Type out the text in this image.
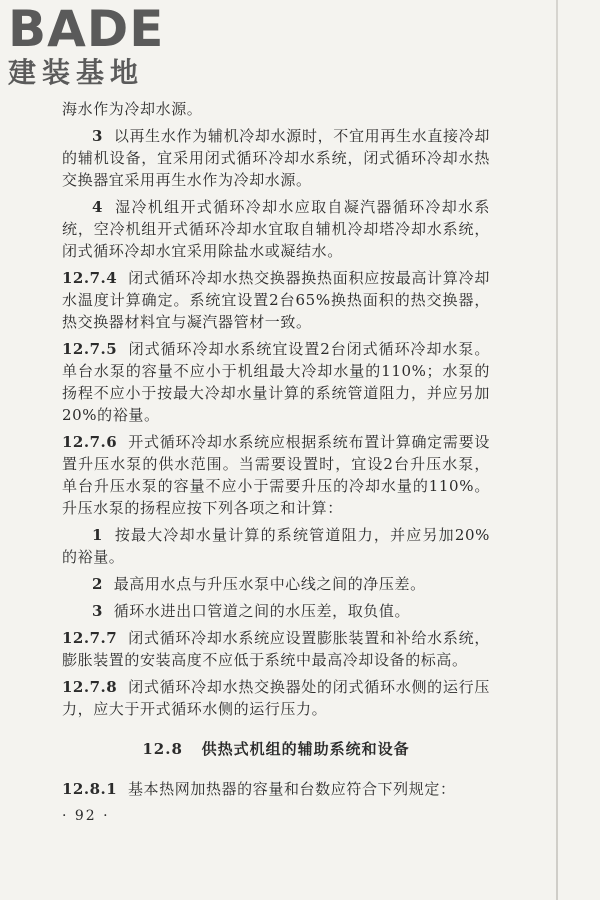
BADE
建装基地

海水作为冷却水源。

3 以再生水作为辅机冷却水源时，不宜用再生水直接冷却的辅机设备，宜采用闭式循环冷却水系统，闭式循环冷却水热交换器宜采用再生水作为冷却水源。

4 湿冷机组开式循环冷却水应取自凝汽器循环冷却水系统，空冷机组开式循环冷却水宜取自辅机冷却塔冷却水系统，闭式循环冷却水宜采用除盐水或凝结水。

12.7.4 闭式循环冷却水热交换器换热面积应按最高计算冷却水温度计算确定。系统宜设置2台65%换热面积的热交换器，热交换器材料宜与凝汽器管材一致。

12.7.5 闭式循环冷却水系统宜设置2台闭式循环冷却水泵。单台水泵的容量不应小于机组最大冷却水量的110%；水泵的扬程不应小于按最大冷却水量计算的系统管道阻力，并应另加20%的裕量。

12.7.6 开式循环冷却水系统应根据系统布置计算确定需要设置升压水泵的供水范围。当需要设置时，宜设2台升压水泵，单台升压水泵的容量不应小于需要升压的冷却水量的110%。升压水泵的扬程应按下列各项之和计算：

1 按最大冷却水量计算的系统管道阻力，并应另加20%的裕量。

2 最高用水点与升压水泵中心线之间的净压差。

3 循环水进出口管道之间的水压差，取负值。

12.7.7 闭式循环冷却水系统应设置膨胀装置和补给水系统，膨胀装置的安装高度不应低于系统中最高冷却设备的标高。

12.7.8 闭式循环冷却水热交换器处的闭式循环水侧的运行压力，应大于开式循环水侧的运行压力。

12.8 供热式机组的辅助系统和设备

12.8.1 基本热网加热器的容量和台数应符合下列规定：

· 92 ·
